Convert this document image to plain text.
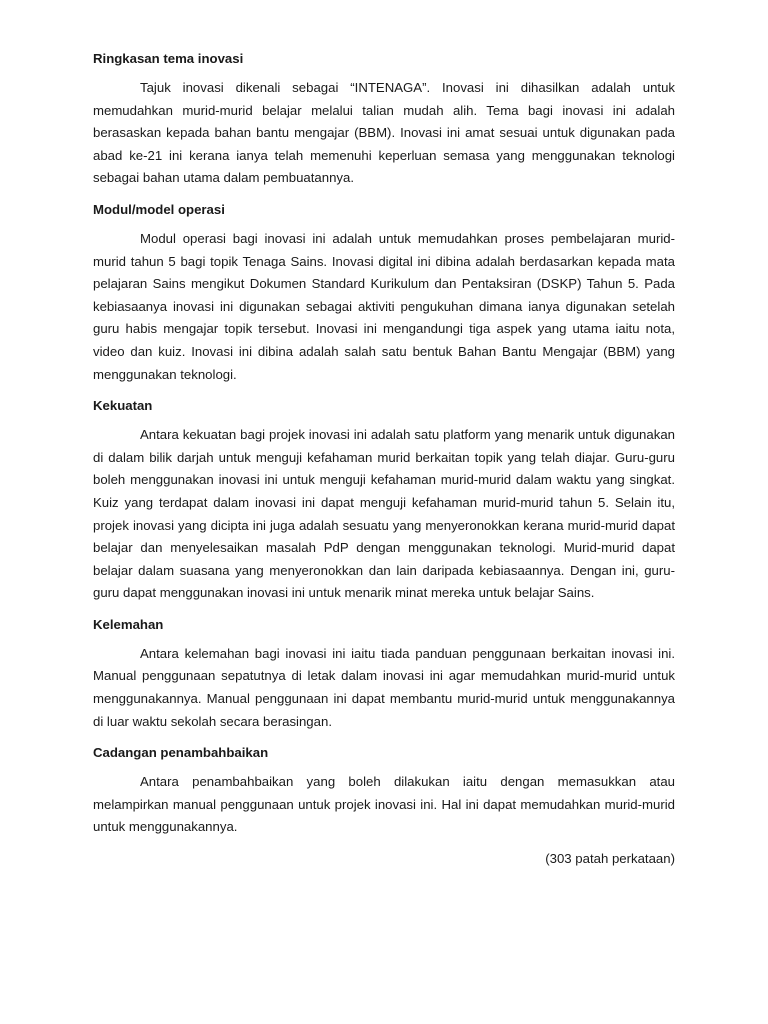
Ringkasan tema inovasi

Tajuk inovasi dikenali sebagai “INTENAGA”. Inovasi ini dihasilkan adalah untuk memudahkan murid-murid belajar melalui talian mudah alih. Tema bagi inovasi ini adalah berasaskan kepada bahan bantu mengajar (BBM). Inovasi ini amat sesuai untuk digunakan pada abad ke-21 ini kerana ianya telah memenuhi keperluan semasa yang menggunakan teknologi sebagai bahan utama dalam pembuatannya.

Modul/model operasi

Modul operasi bagi inovasi ini adalah untuk memudahkan proses pembelajaran murid-murid tahun 5 bagi topik Tenaga Sains. Inovasi digital ini dibina adalah berdasarkan kepada mata pelajaran Sains mengikut Dokumen Standard Kurikulum dan Pentaksiran (DSKP) Tahun 5. Pada kebiasaanya inovasi ini digunakan sebagai aktiviti pengukuhan dimana ianya digunakan setelah guru habis mengajar topik tersebut. Inovasi ini mengandungi tiga aspek yang utama iaitu nota, video dan kuiz. Inovasi ini dibina adalah salah satu bentuk Bahan Bantu Mengajar (BBM) yang menggunakan teknologi.

Kekuatan

Antara kekuatan bagi projek inovasi ini adalah satu platform yang menarik untuk digunakan di dalam bilik darjah untuk menguji kefahaman murid berkaitan topik yang telah diajar. Guru-guru boleh menggunakan inovasi ini untuk menguji kefahaman murid-murid dalam waktu yang singkat. Kuiz yang terdapat dalam inovasi ini dapat menguji kefahaman murid-murid tahun 5. Selain itu, projek inovasi yang dicipta ini juga adalah sesuatu yang menyeronokkan kerana murid-murid dapat belajar dan menyelesaikan masalah PdP dengan menggunakan teknologi. Murid-murid dapat belajar dalam suasana yang menyeronokkan dan lain daripada kebiasaannya. Dengan ini, guru-guru dapat menggunakan inovasi ini untuk menarik minat mereka untuk belajar Sains.

Kelemahan

Antara kelemahan bagi inovasi ini iaitu tiada panduan penggunaan berkaitan inovasi ini. Manual penggunaan sepatutnya di letak dalam inovasi ini agar memudahkan murid-murid untuk menggunakannya. Manual penggunaan ini dapat membantu murid-murid untuk menggunakannya di luar waktu sekolah secara berasingan.

Cadangan penambahbaikan

Antara penambahbaikan yang boleh dilakukan iaitu dengan memasukkan atau melampirkan manual penggunaan untuk projek inovasi ini. Hal ini dapat memudahkan murid-murid untuk menggunakannya.

(303 patah perkataan)
